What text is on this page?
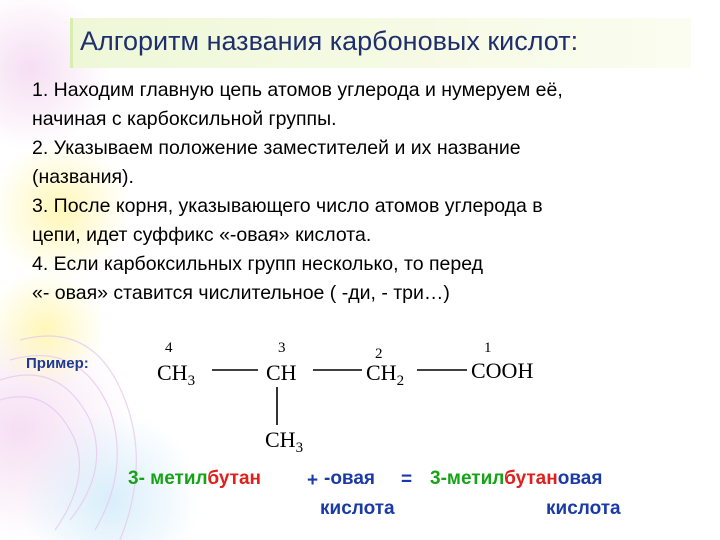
Алгоритм названия карбоновых кислот:

1. Находим главную цепь атомов углерода и нумеруем её,

начиная с карбоксильной группы.

2. Указываем положение заместителей и их название

(названия).

3. После корня, указывающего число атомов углерода в

цепи, идет суффикс «-овая» кислота.

4. Если карбоксильных групп несколько, то перед

«- овая» ставится числительное ( -ди, - три…)

Пример:
4	3	2	1
$CH_3$	CH	$CH_2$	COOH
$CH_3$
3- метилбутан + -овая = 3-метилбутановая
кислота	кислота
